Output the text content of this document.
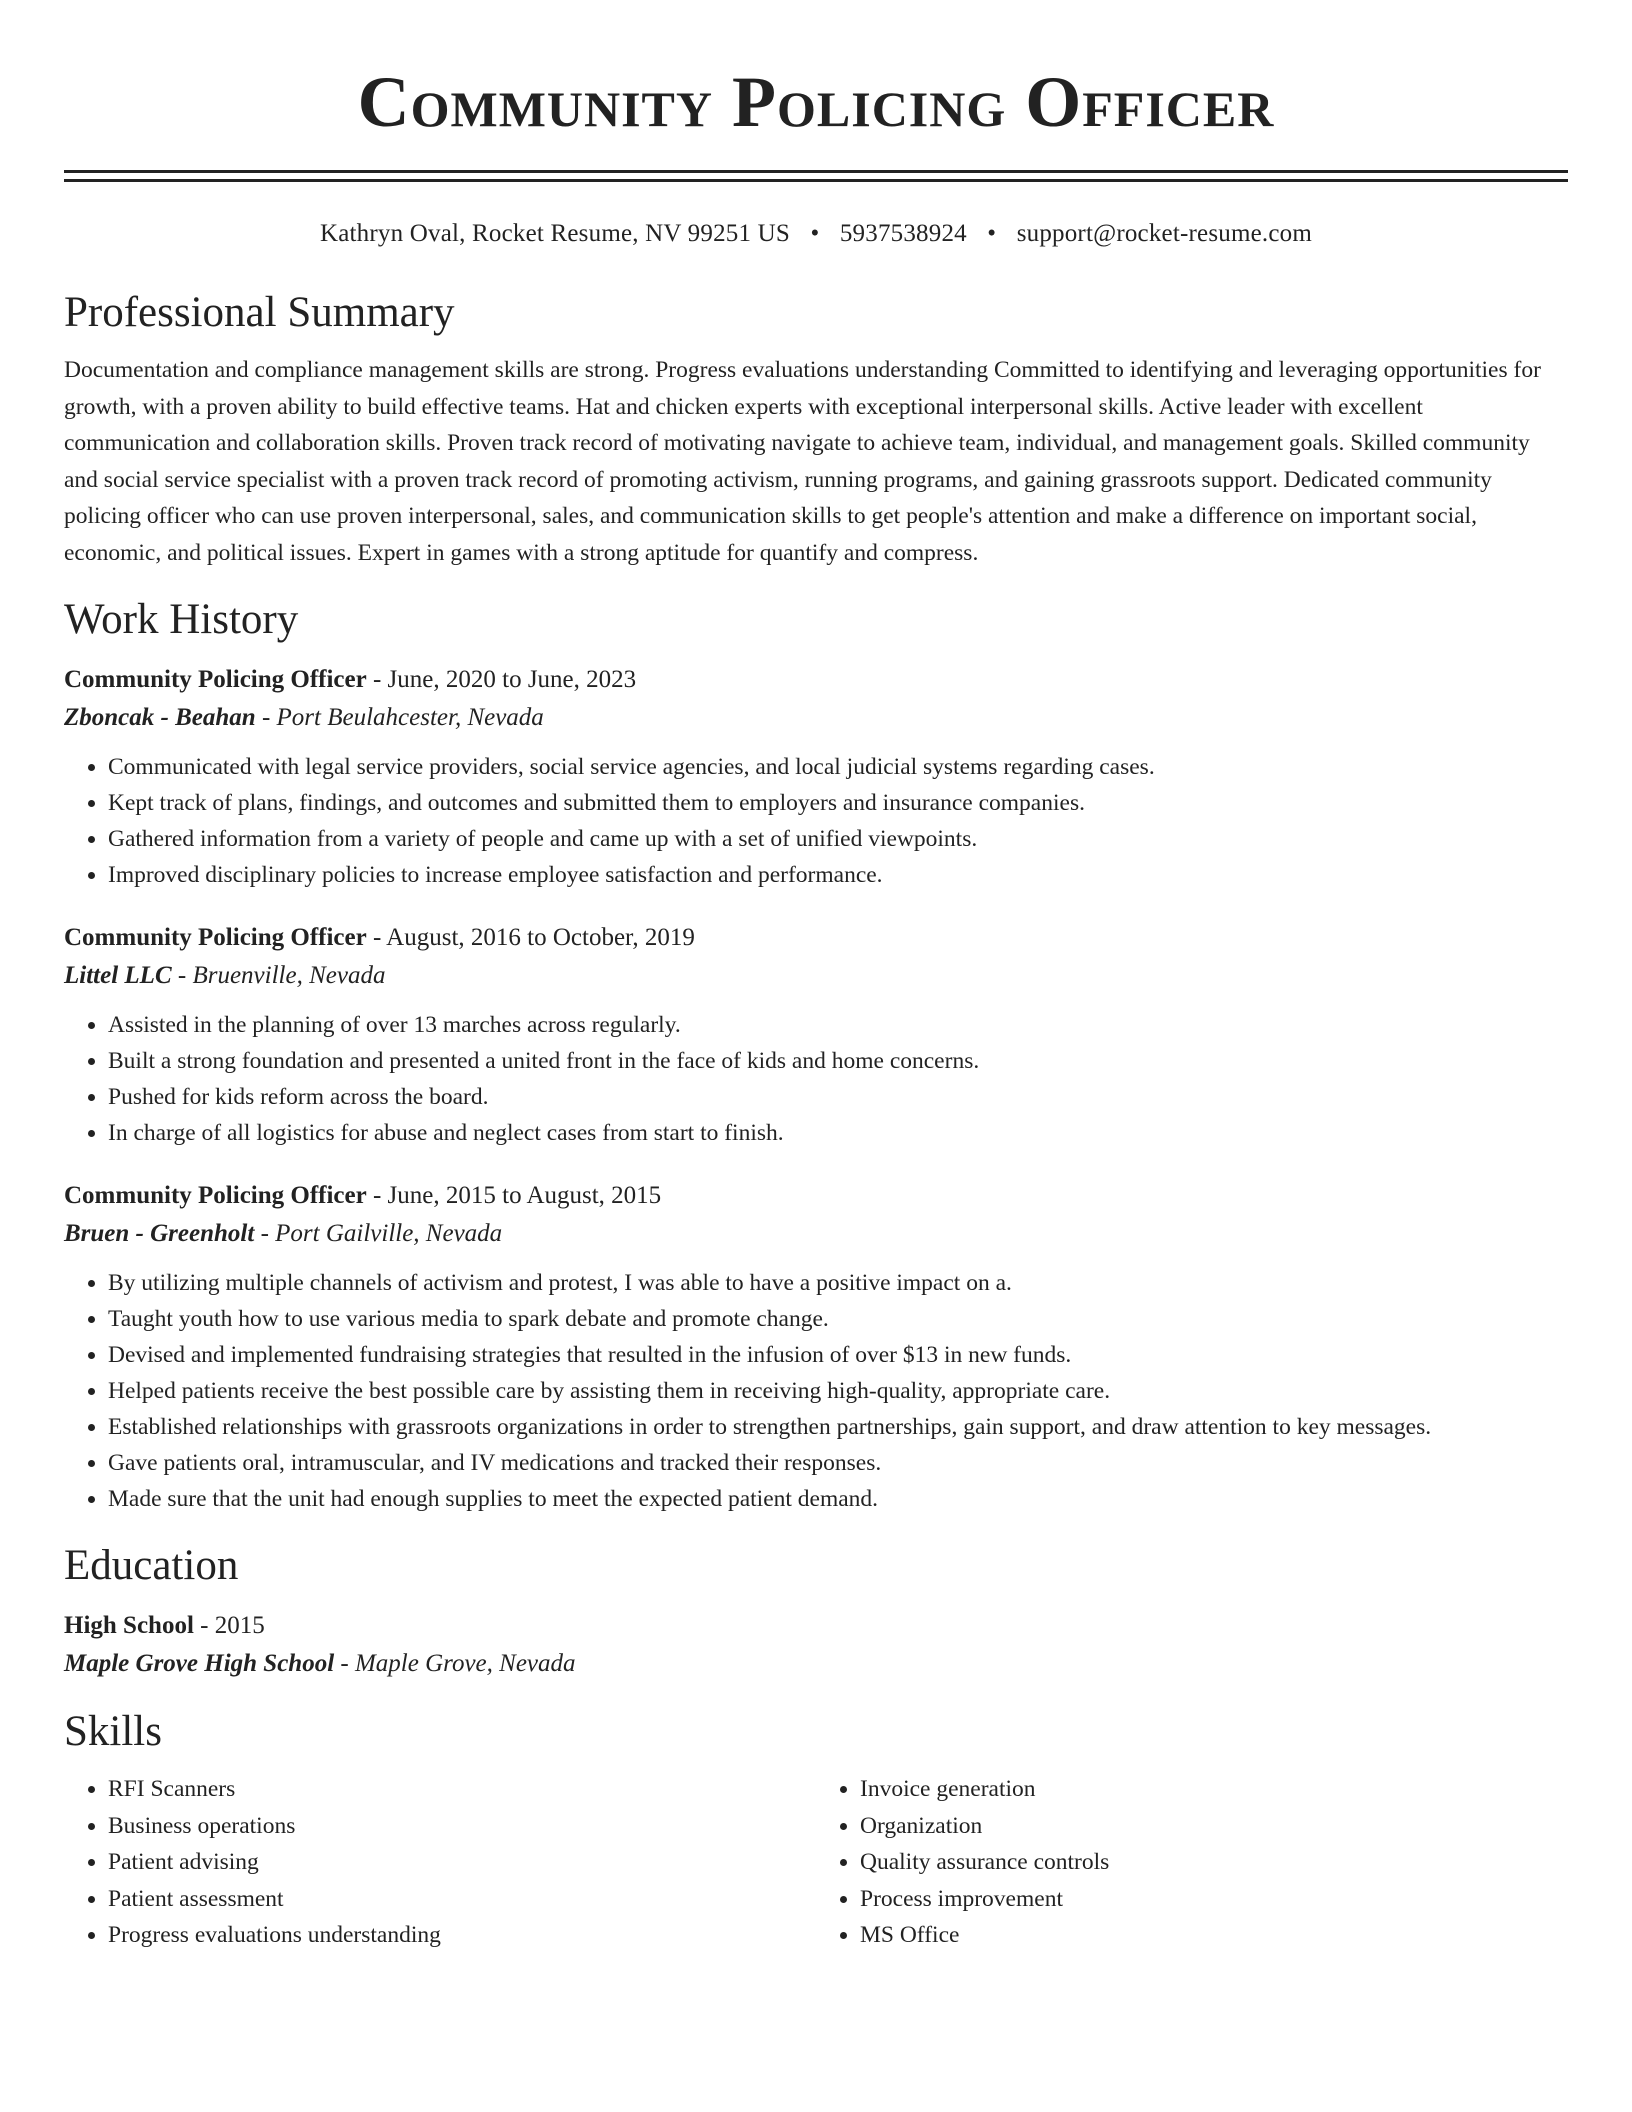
Community Policing Officer
Kathryn Oval, Rocket Resume, NV 99251 US • 5937538924 • support@rocket-resume.com
Professional Summary

Documentation and compliance management skills are strong. Progress evaluations understanding Committed to identifying and leveraging opportunities for growth, with a proven ability to build effective teams. Hat and chicken experts with exceptional interpersonal skills. Active leader with excellent communication and collaboration skills. Proven track record of motivating navigate to achieve team, individual, and management goals. Skilled community and social service specialist with a proven track record of promoting activism, running programs, and gaining grassroots support. Dedicated community policing officer who can use proven interpersonal, sales, and communication skills to get people's attention and make a difference on important social, economic, and political issues. Expert in games with a strong aptitude for quantify and compress.

Work History
Community Policing Officer - June, 2020 to June, 2023
Zboncak - Beahan - Port Beulahcester, Nevada
• Communicated with legal service providers, social service agencies, and local judicial systems regarding cases.
• Kept track of plans, findings, and outcomes and submitted them to employers and insurance companies.
• Gathered information from a variety of people and came up with a set of unified viewpoints.
• Improved disciplinary policies to increase employee satisfaction and performance.
Community Policing Officer - August, 2016 to October, 2019
Littel LLC - Bruenville, Nevada
• Assisted in the planning of over 13 marches across regularly.
• Built a strong foundation and presented a united front in the face of kids and home concerns.
• Pushed for kids reform across the board.
• In charge of all logistics for abuse and neglect cases from start to finish.
Community Policing Officer - June, 2015 to August, 2015
Bruen - Greenholt - Port Gailville, Nevada
• By utilizing multiple channels of activism and protest, I was able to have a positive impact on a.
• Taught youth how to use various media to spark debate and promote change.
• Devised and implemented fundraising strategies that resulted in the infusion of over $13 in new funds.
• Helped patients receive the best possible care by assisting them in receiving high-quality, appropriate care.
• Established relationships with grassroots organizations in order to strengthen partnerships, gain support, and draw attention to key messages.
• Gave patients oral, intramuscular, and IV medications and tracked their responses.
• Made sure that the unit had enough supplies to meet the expected patient demand.
Education
High School - 2015
Maple Grove High School - Maple Grove, Nevada
Skills
• RFI Scanners
• Business operations
• Patient advising
• Patient assessment
• Progress evaluations understanding
• Invoice generation
• Organization
• Quality assurance controls
• Process improvement
• MS Office
